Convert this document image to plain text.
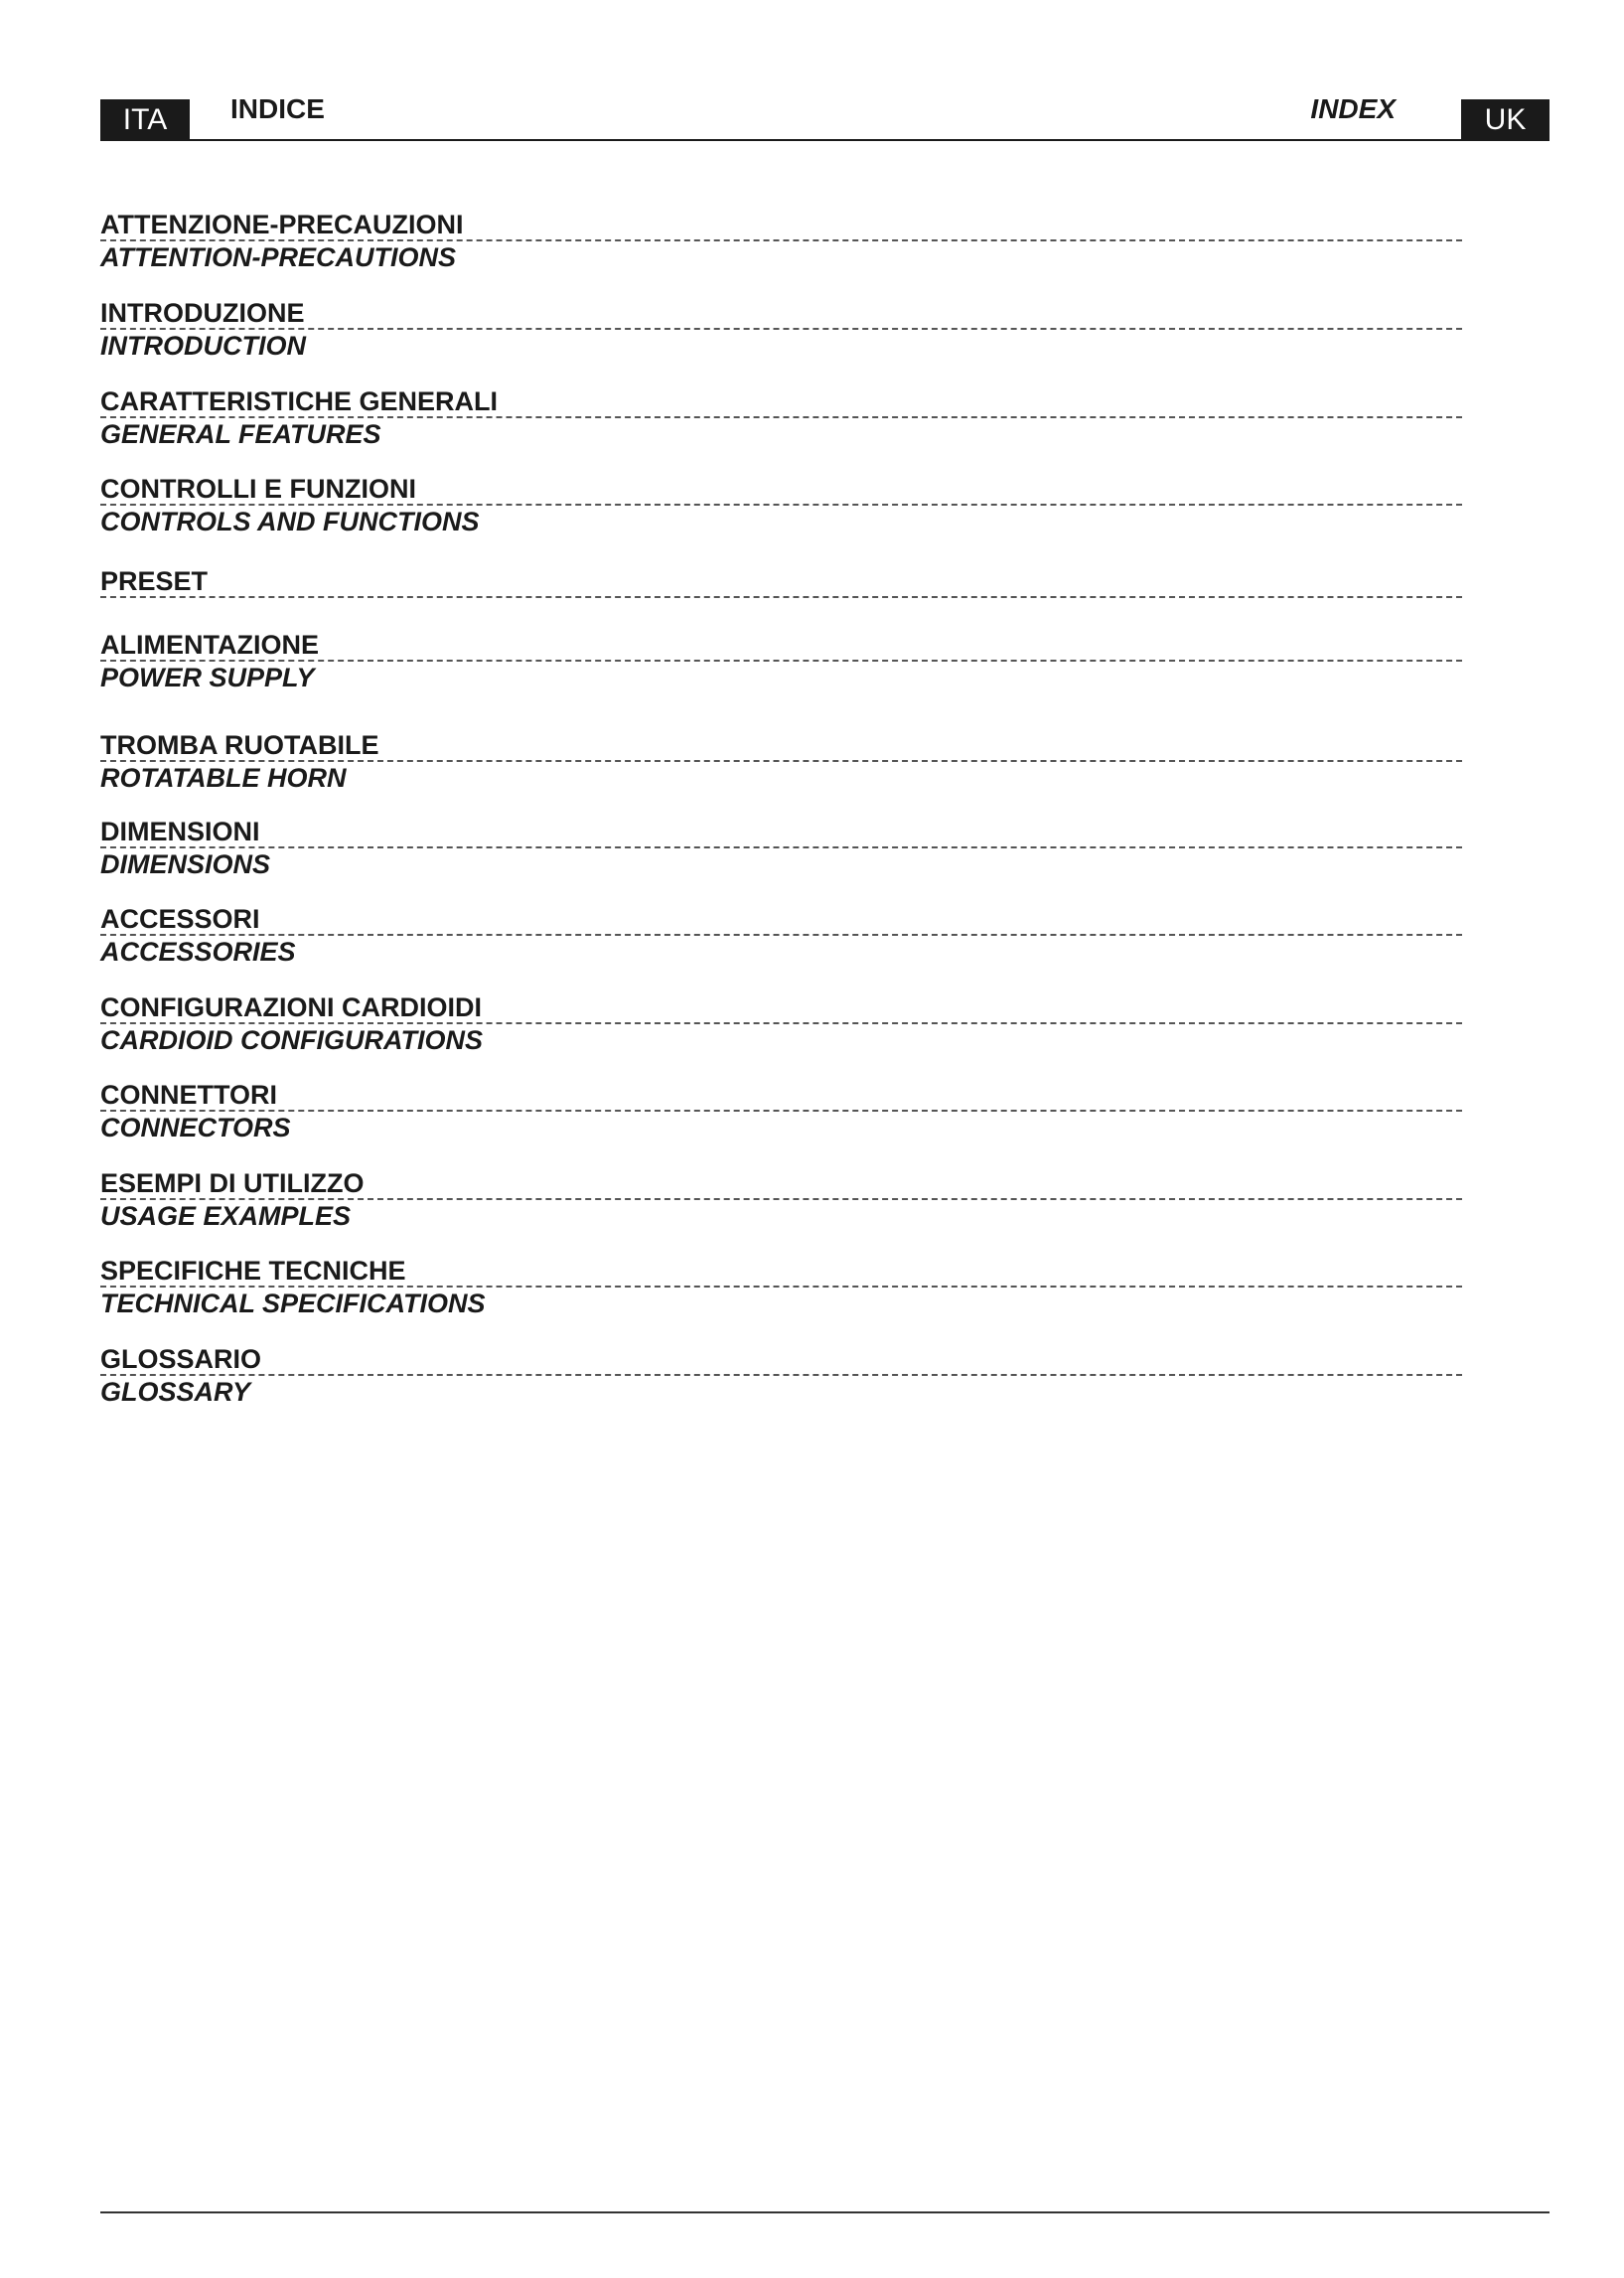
ITA	INDICE	INDEX	UK
ATTENZIONE-PRECAUZIONI
ATTENTION-PRECAUTIONS
INTRODUZIONE
INTRODUCTION
CARATTERISTICHE GENERALI
GENERAL FEATURES
CONTROLLI E FUNZIONI
CONTROLS AND FUNCTIONS
PRESET
ALIMENTAZIONE
POWER SUPPLY
TROMBA RUOTABILE
ROTATABLE HORN
DIMENSIONI
DIMENSIONS
ACCESSORI
ACCESSORIES
CONFIGURAZIONI CARDIOIDI
CARDIOID CONFIGURATIONS
CONNETTORI
CONNECTORS
ESEMPI DI UTILIZZO
USAGE EXAMPLES
SPECIFICHE TECNICHE
TECHNICAL SPECIFICATIONS
GLOSSARIO
GLOSSARY
